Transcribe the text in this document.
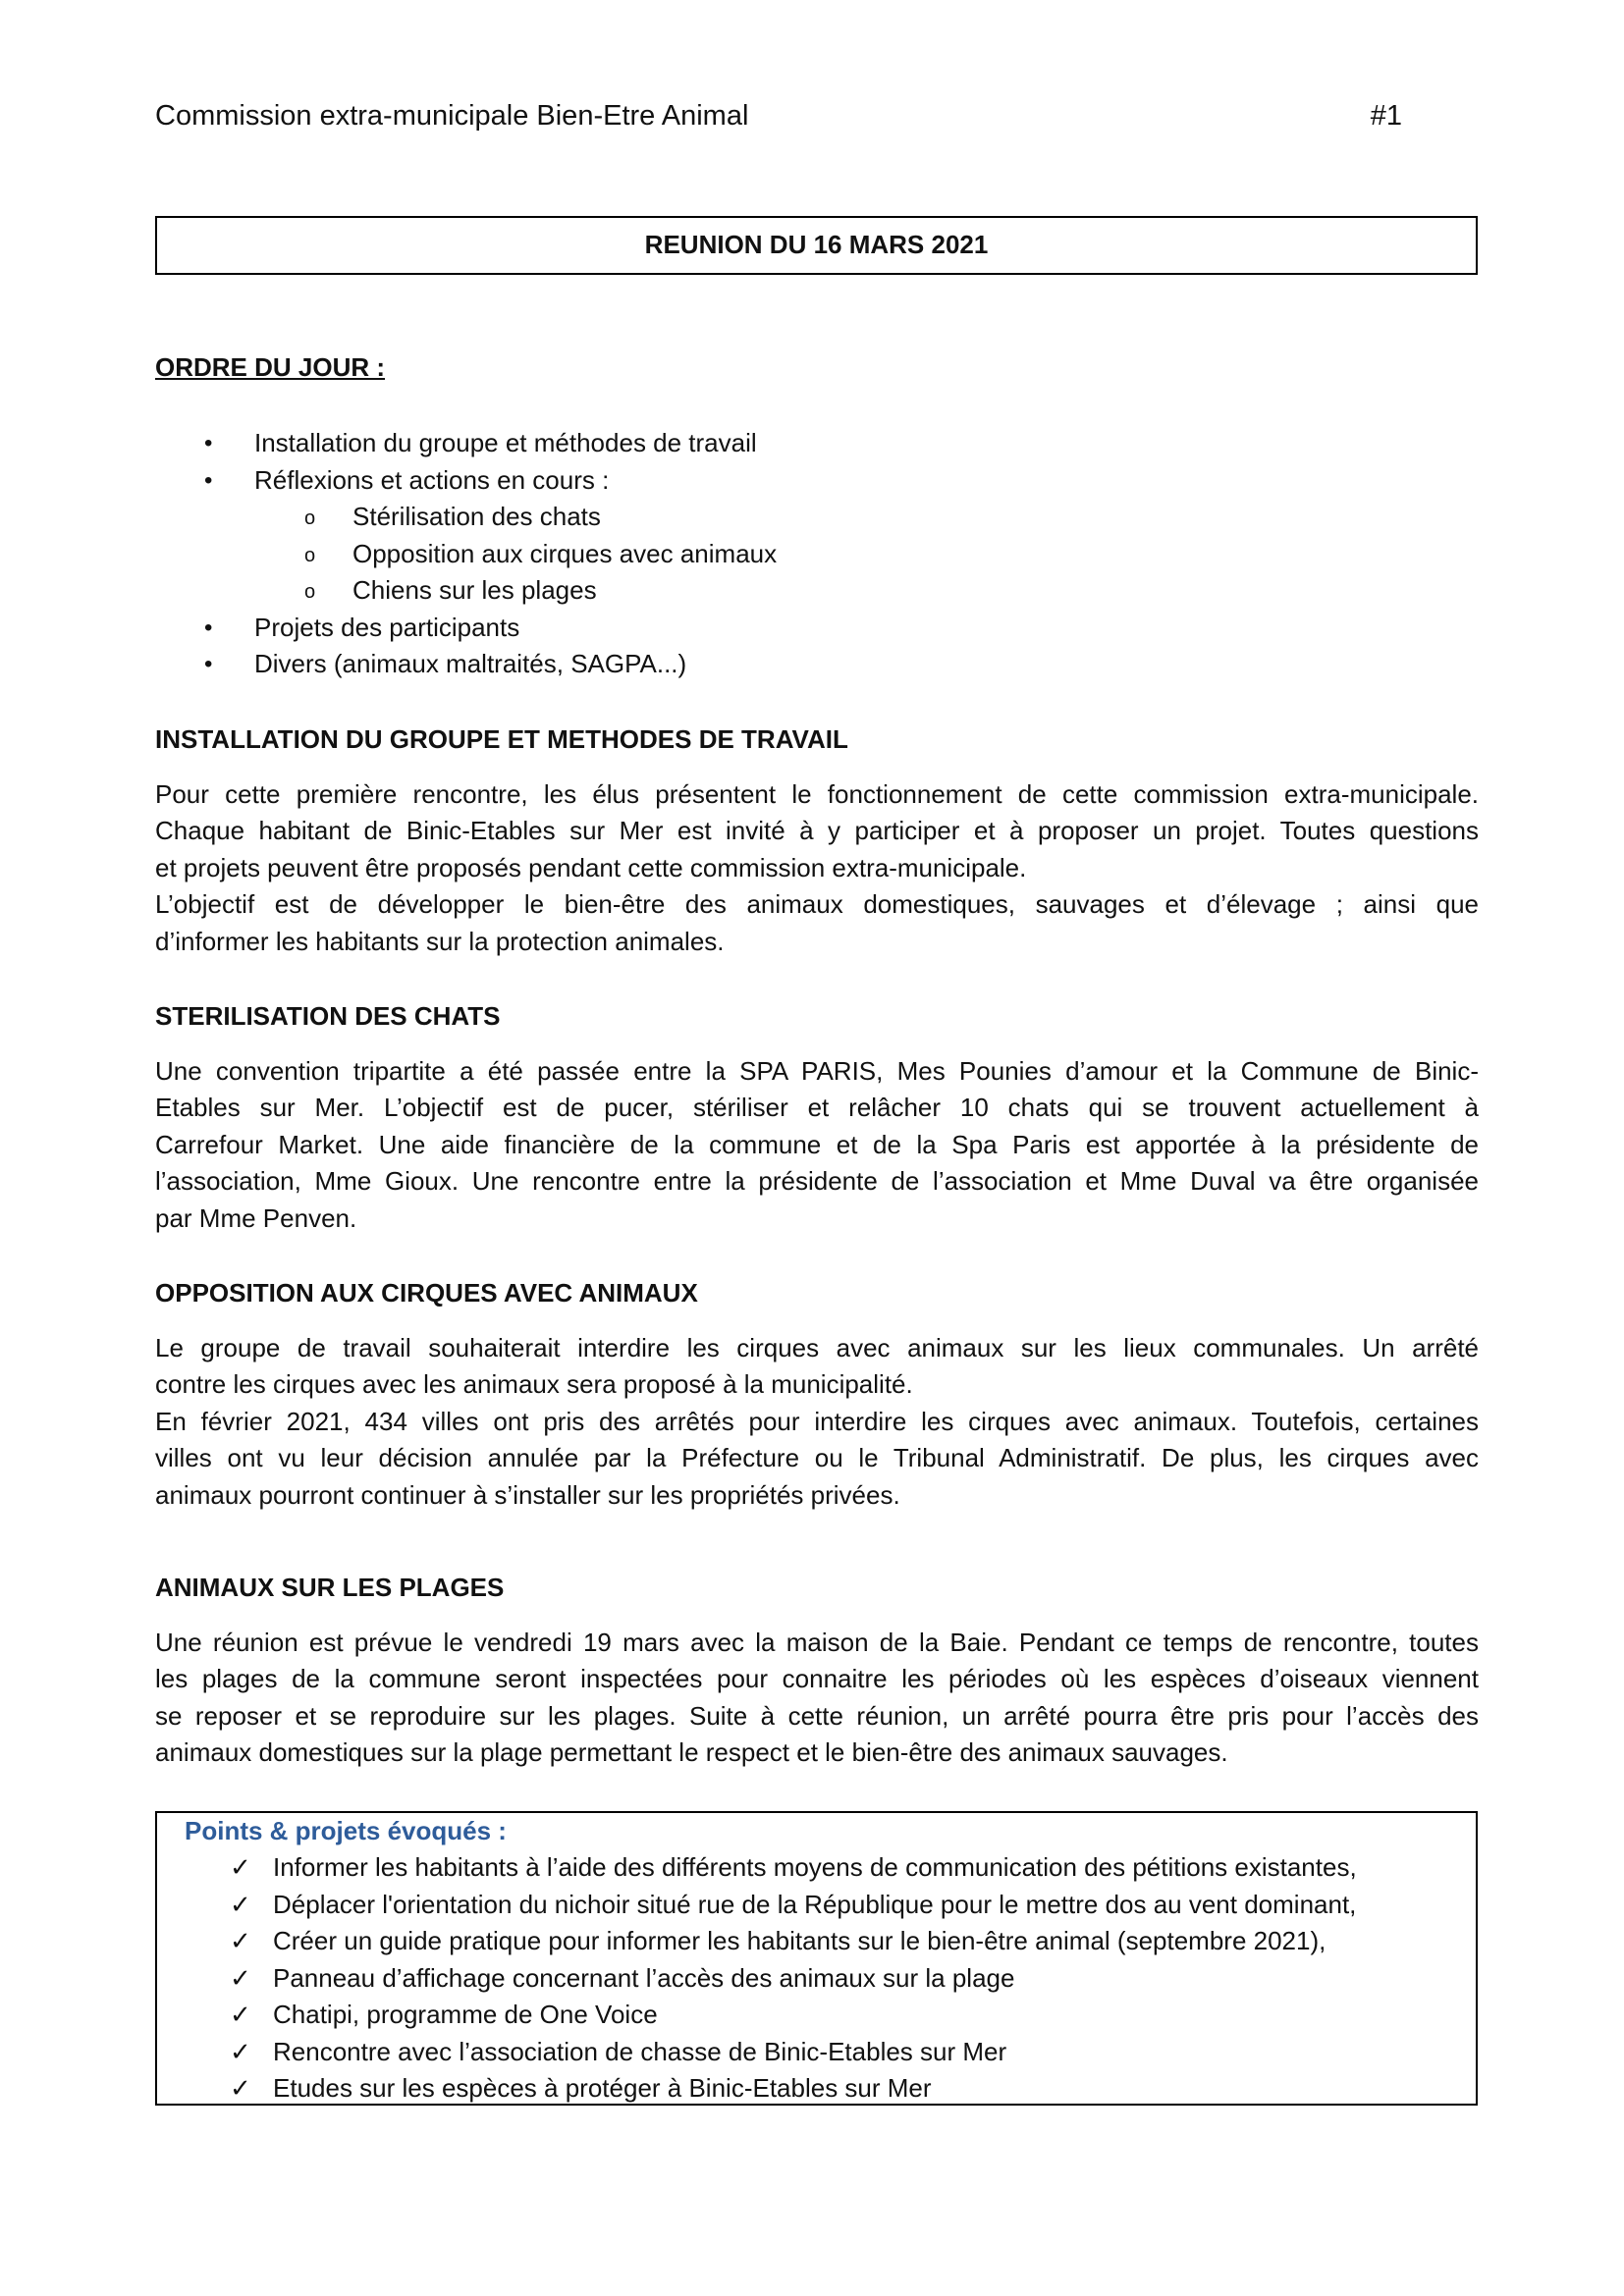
Commission extra-municipale Bien-Etre Animal	#1
REUNION DU 16 MARS 2021
ORDRE DU JOUR :
• Installation du groupe et méthodes de travail
• Réflexions et actions en cours :
o Stérilisation des chats
o Opposition aux cirques avec animaux
o Chiens sur les plages
• Projets des participants
• Divers (animaux maltraités, SAGPA...)
INSTALLATION DU GROUPE ET METHODES DE TRAVAIL
Pour cette première rencontre, les élus présentent le fonctionnement de cette commission extra-municipale.
Chaque habitant de Binic-Etables sur Mer est invité à y participer et à proposer un projet. Toutes questions
et projets peuvent être proposés pendant cette commission extra-municipale.
L’objectif est de développer le bien-être des animaux domestiques, sauvages et d’élevage ; ainsi que
d’informer les habitants sur la protection animales.
STERILISATION DES CHATS
Une convention tripartite a été passée entre la SPA PARIS, Mes Pounies d’amour et la Commune de Binic-
Etables sur Mer. L’objectif est de pucer, stériliser et relâcher 10 chats qui se trouvent actuellement à
Carrefour Market. Une aide financière de la commune et de la Spa Paris est apportée à la présidente de
l’association, Mme Gioux. Une rencontre entre la présidente de l’association et Mme Duval va être organisée
par Mme Penven.
OPPOSITION AUX CIRQUES AVEC ANIMAUX
Le groupe de travail souhaiterait interdire les cirques avec animaux sur les lieux communales. Un arrêté
contre les cirques avec les animaux sera proposé à la municipalité.
En février 2021, 434 villes ont pris des arrêtés pour interdire les cirques avec animaux. Toutefois, certaines
villes ont vu leur décision annulée par la Préfecture ou le Tribunal Administratif. De plus, les cirques avec
animaux pourront continuer à s’installer sur les propriétés privées.
ANIMAUX SUR LES PLAGES
Une réunion est prévue le vendredi 19 mars avec la maison de la Baie. Pendant ce temps de rencontre, toutes
les plages de la commune seront inspectées pour connaitre les périodes où les espèces d’oiseaux viennent
se reposer et se reproduire sur les plages. Suite à cette réunion, un arrêté pourra être pris pour l’accès des
animaux domestiques sur la plage permettant le respect et le bien-être des animaux sauvages.
Points & projets évoqués :
✓ Informer les habitants à l’aide des différents moyens de communication des pétitions existantes,
✓ Déplacer l'orientation du nichoir situé rue de la République pour le mettre dos au vent dominant,
✓ Créer un guide pratique pour informer les habitants sur le bien-être animal (septembre 2021),
✓ Panneau d’affichage concernant l’accès des animaux sur la plage
✓ Chatipi, programme de One Voice
✓ Rencontre avec l’association de chasse de Binic-Etables sur Mer
✓ Etudes sur les espèces à protéger à Binic-Etables sur Mer
